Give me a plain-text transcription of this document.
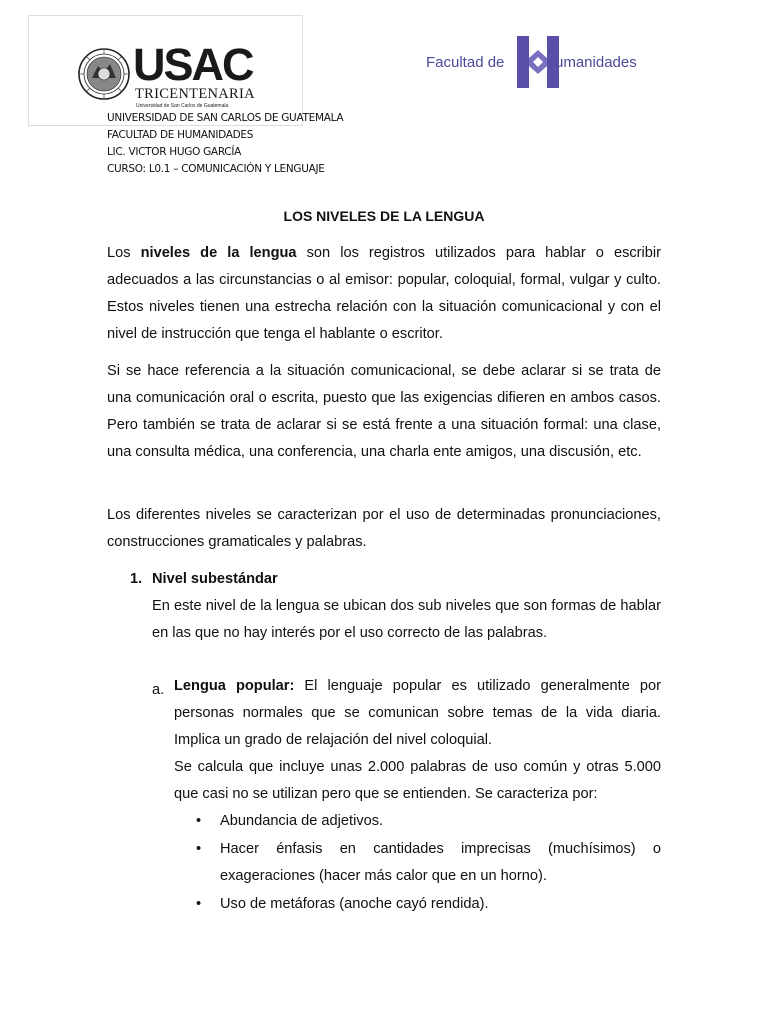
USAC
TRICENTENARIA
Universidad de San Carlos de Guatemala
Facultad de	umanidades
UNIVERSIDAD DE SAN CARLOS DE GUATEMALA
FACULTAD DE HUMANIDADES
LIC. VICTOR HUGO GARCÍA
CURSO: L0.1 – COMUNICACIÓN Y LENGUAJE
LOS NIVELES DE LA LENGUA

Los niveles de la lengua son los registros utilizados para hablar o escribir adecuados a las circunstancias o al emisor: popular, coloquial, formal, vulgar y culto. Estos niveles tienen una estrecha relación con la situación comunicacional y con el nivel de instrucción que tenga el hablante o escritor.

Si se hace referencia a la situación comunicacional, se debe aclarar si se trata de una comunicación oral o escrita, puesto que las exigencias difieren en ambos casos. Pero también se trata de aclarar si se está frente a una situación formal: una clase, una consulta médica, una conferencia, una charla ente amigos, una discusión, etc.

Los diferentes niveles se caracterizan por el uso de determinadas pronunciaciones, construcciones gramaticales y palabras.

1. Nivel subestándar

En este nivel de la lengua se ubican dos sub niveles que son formas de hablar en las que no hay interés por el uso correcto de las palabras.

a. Lengua popular: El lenguaje popular es utilizado generalmente por personas normales que se comunican sobre temas de la vida diaria. Implica un grado de relajación del nivel coloquial.

Se calcula que incluye unas 2.000 palabras de uso común y otras 5.000 que casi no se utilizan pero que se entienden. Se caracteriza por:

• Abundancia de adjetivos.

• Hacer énfasis en cantidades imprecisas (muchísimos) o exageraciones (hacer más calor que en un horno).

• Uso de metáforas (anoche cayó rendida).
